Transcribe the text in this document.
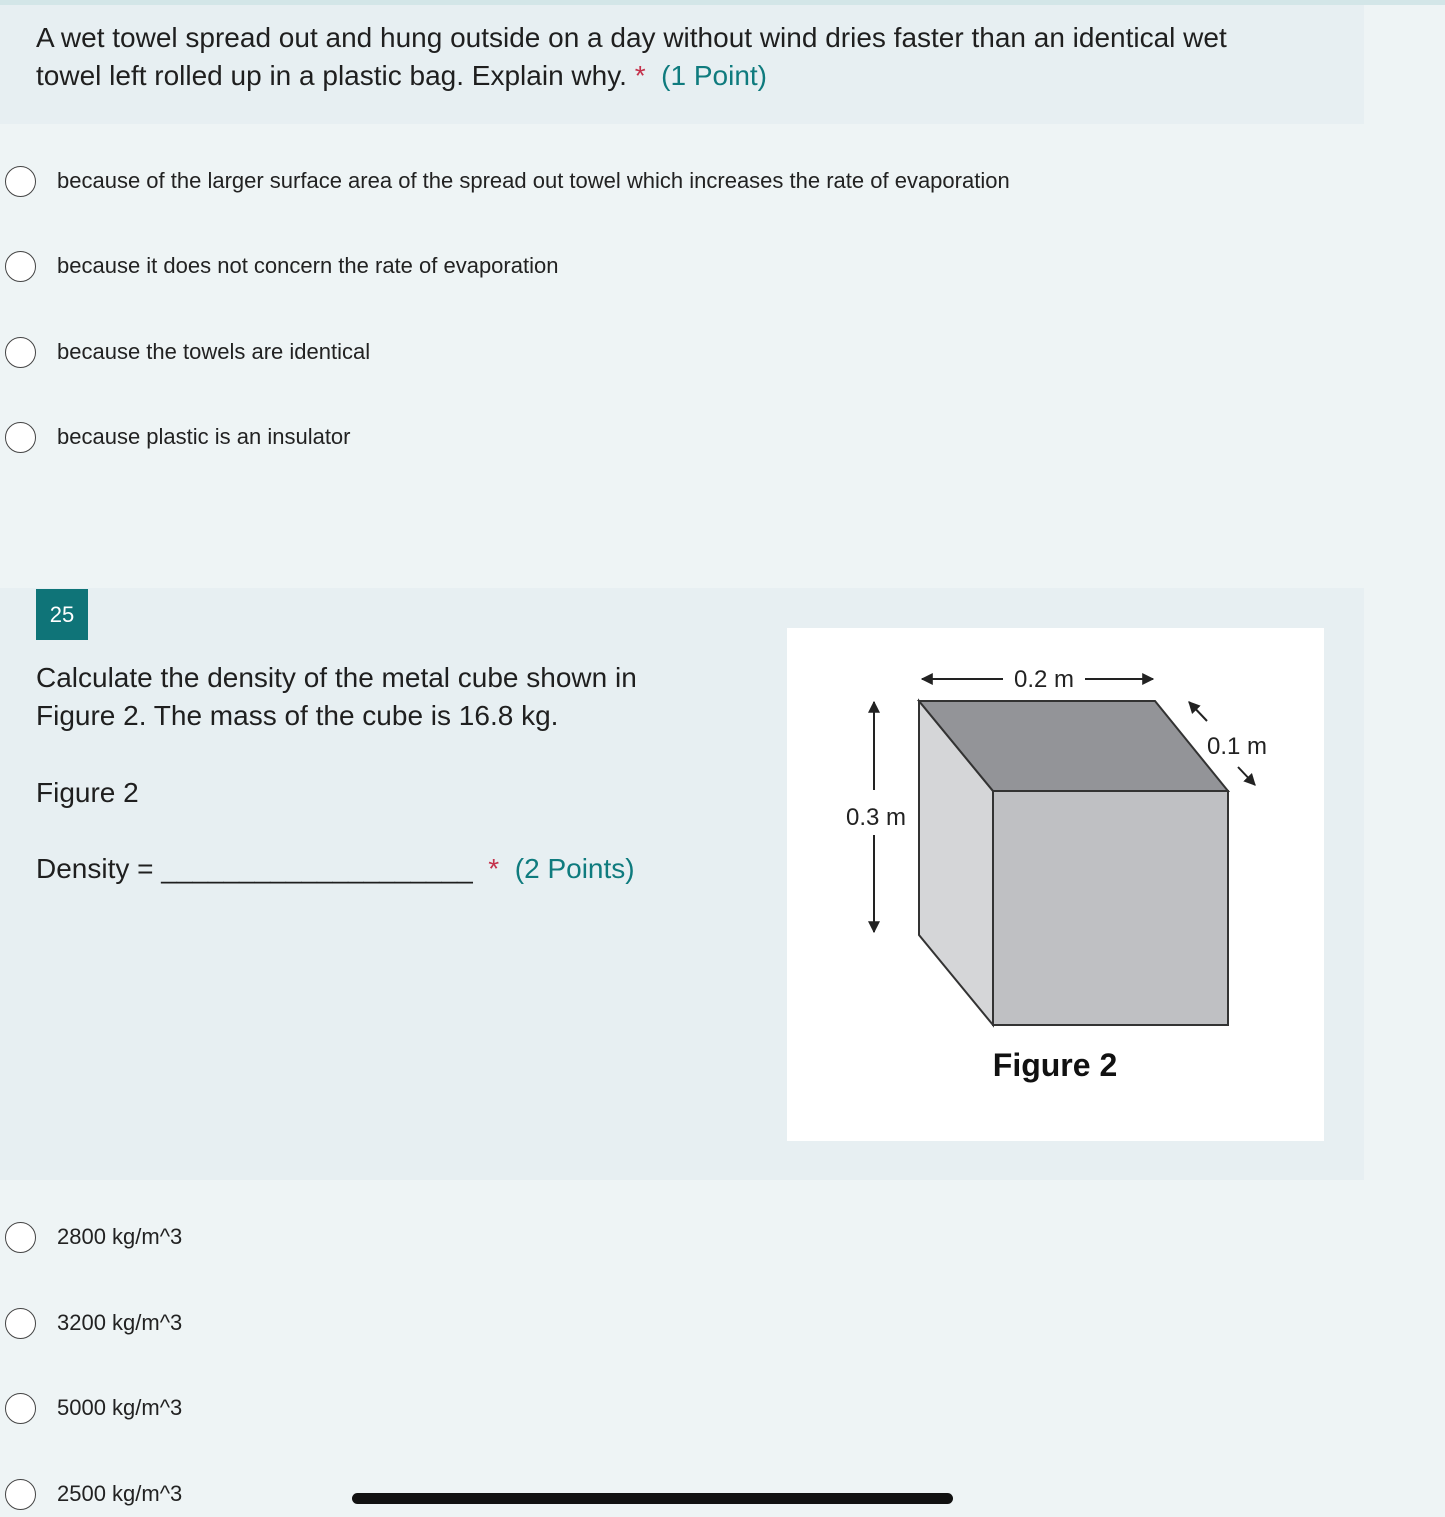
A wet towel spread out and hung outside on a day without wind dries faster than an identical wet
towel left rolled up in a plastic bag. Explain why. * (1 Point)
because of the larger surface area of the spread out towel which increases the rate of evaporation
because it does not concern the rate of evaporation
because the towels are identical
because plastic is an insulator
25
Calculate the density of the metal cube shown in
Figure 2. The mass of the cube is 16.8 kg.
Figure 2
Density = ____________________ * (2 Points)
0.2 m
0.1 m
0.3 m
Figure 2
2800 kg/m^3
3200 kg/m^3
5000 kg/m^3
2500 kg/m^3
